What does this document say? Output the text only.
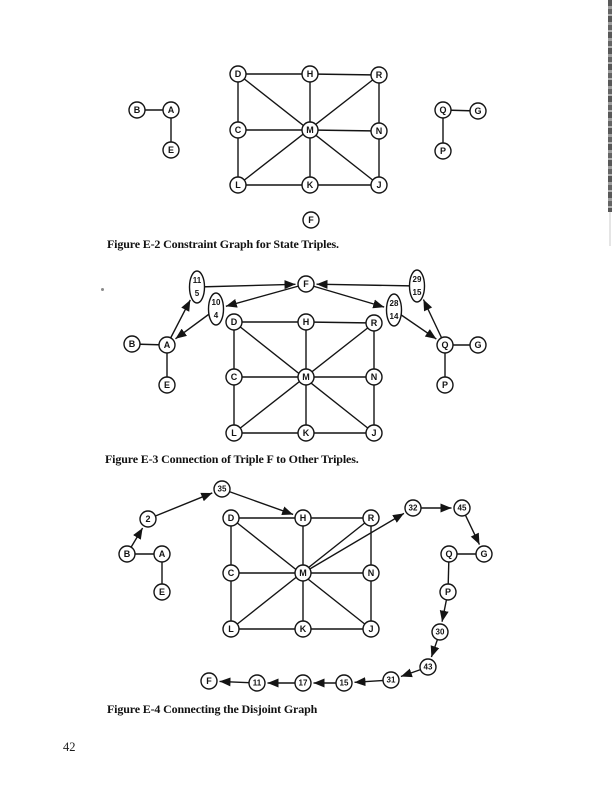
B	A
E
Q	G
P
D	H	R
C	M	N
L	K	J
F
B	A
E
Q	G
P
D	H	R
C	M	N
L	K	J
F
11
5
10
4
29
15
28
14
B	A
E
2
35
D	H	R
C	M	N
L	K	J
32	45
Q	G
P
30
43
31
15
17
11
F
Figure E-2 Constraint Graph for State Triples.
Figure E-3 Connection of Triple F to Other Triples.
Figure E-4 Connecting the Disjoint Graph
42
